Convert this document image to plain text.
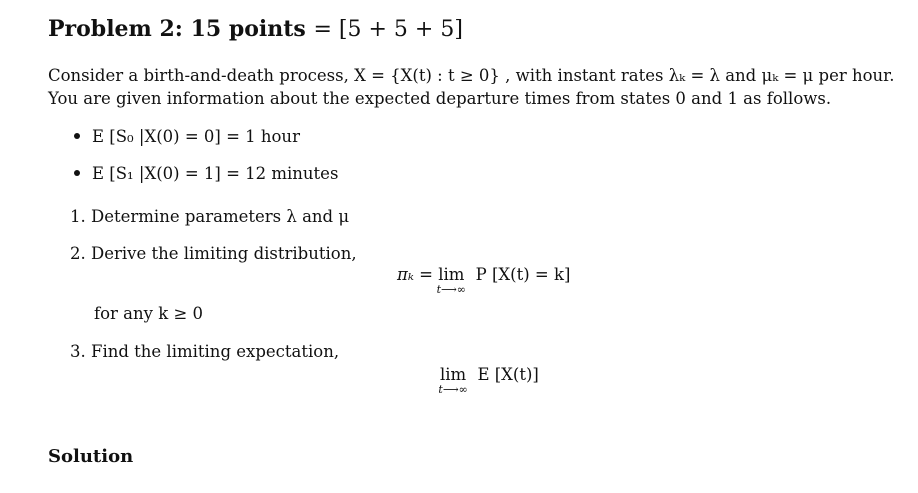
Problem 2: 15 points = [5 + 5 + 5]
Consider a birth-and-death process, X = {X(t) : t ≥ 0} , with instant rates λₖ = λ and μₖ = μ per hour.
You are given information about the expected departure times from states 0 and 1 as follows.
E [S₀ |X(0) = 0] = 1 hour
E [S₁ |X(0) = 1] = 12 minutes
1. Determine parameters λ and μ
2. Derive the limiting distribution,
πₖ = lim
t⟶∞
P [X(t) = k]
for any k ≥ 0
3. Find the limiting expectation,
lim
t⟶∞
E [X(t)]
Solution
